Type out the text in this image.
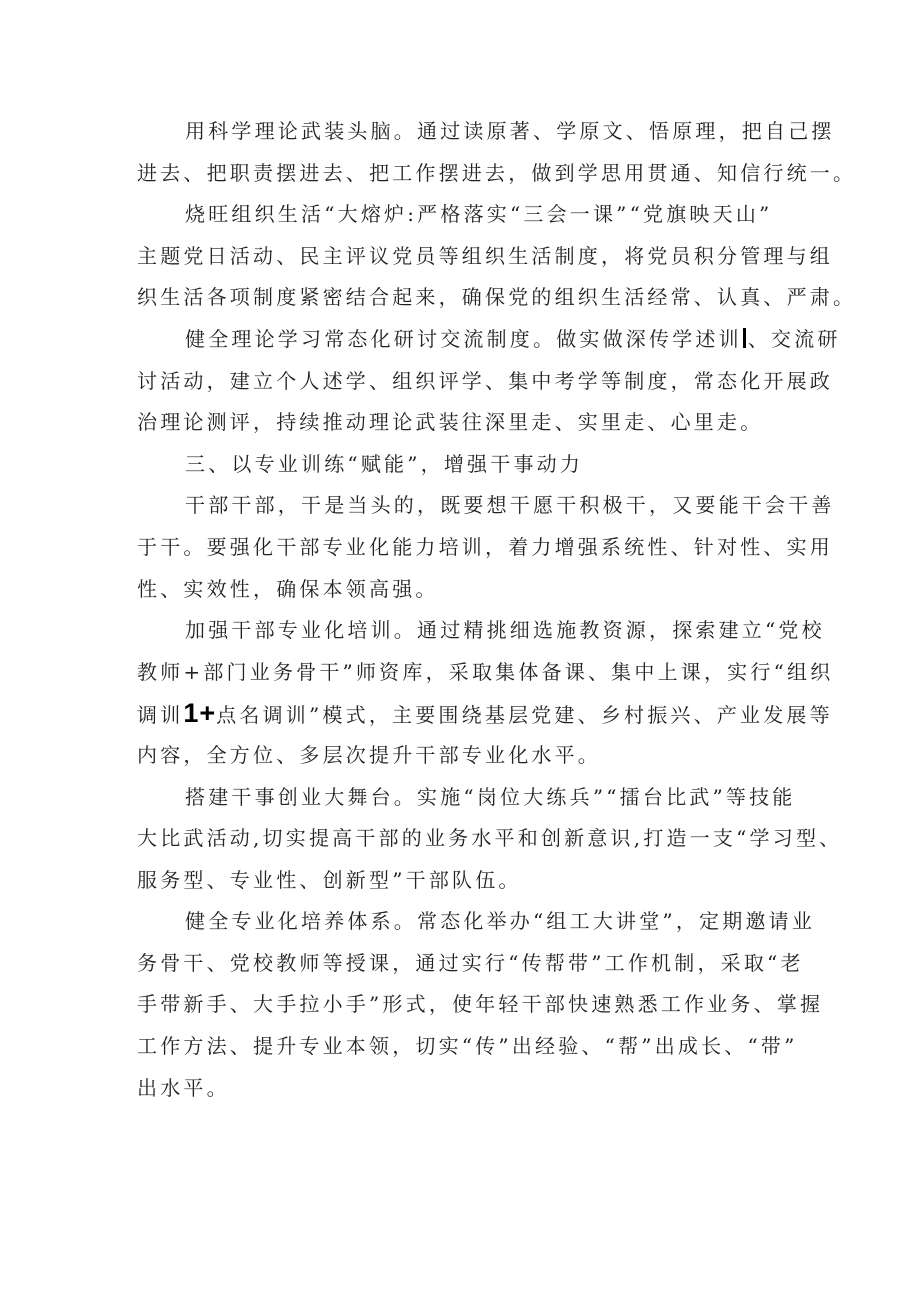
用科学理论武装头脑。通过读原著、学原文、悟原理，把自己摆
进去、把职责摆进去、把工作摆进去，做到学思用贯通、知信行统一。
烧旺组织生活“大熔炉:严格落实“三会一课”“党旗映天山”
主题党日活动、民主评议党员等组织生活制度，将党员积分管理与组
织生活各项制度紧密结合起来，确保党的组织生活经常、认真、严肃。
健全理论学习常态化研讨交流制度。做实做深传学述训 、交流研
讨活动，建立个人述学、组织评学、集中考学等制度，常态化开展政
治理论测评，持续推动理论武装往深里走、实里走、心里走。
三、以专业训练“赋能”，增强干事动力
干部干部，干是当头的，既要想干愿干积极干，又要能干会干善
于干。要强化干部专业化能力培训，着力增强系统性、针对性、实用
性、实效性，确保本领高强。
加强干部专业化培训。通过精挑细选施教资源，探索建立“党校
教师+部门业务骨干”师资库，采取集体备课、集中上课，实行“组织
调训1+点名调训”模式，主要围绕基层党建、乡村振兴、产业发展等
内容，全方位、多层次提升干部专业化水平。
搭建干事创业大舞台。实施“岗位大练兵”“擂台比武”等技能
大比武活动,切实提高干部的业务水平和创新意识,打造一支“学习型、
服务型、专业性、创新型”干部队伍。
健全专业化培养体系。常态化举办“组工大讲堂”，定期邀请业
务骨干、党校教师等授课，通过实行“传帮带”工作机制，采取“老
手带新手、大手拉小手”形式，使年轻干部快速熟悉工作业务、掌握
工作方法、提升专业本领，切实“传”出经验、“帮”出成长、“带”
出水平。
